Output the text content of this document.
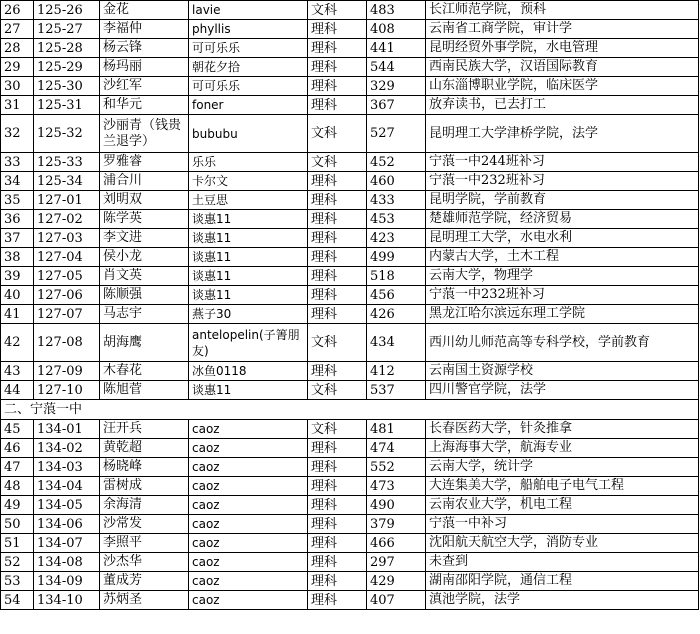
26	125-26	金花	lavie	文科	483	长江师范学院，预科
27	125-27	李福仲	phyllis	理科	408	云南省工商学院，审计学
28	125-28	杨云锋	可可乐乐	理科	441	昆明经贸外事学院，水电管理
29	125-29	杨玛丽	朝花夕拾	理科	544	西南民族大学，汉语国际教育
30	125-30	沙红军	可可乐乐	理科	329	山东淄博职业学院，临床医学
31	125-31	和华元	foner	理科	367	放弃读书，已去打工
32	125-32	沙丽青（钱贵兰退学）	bububu	文科	527	昆明理工大学津桥学院，法学
33	125-33	罗雅睿	乐乐	文科	452	宁蒗一中244班补习
34	125-34	浦合川	卡尔文	理科	460	宁蒗一中232班补习
35	127-01	刘明双	土豆思	理科	433	昆明学院，学前教育
36	127-02	陈学英	谈惠11	理科	453	楚雄师范学院，经济贸易
37	127-03	李文进	谈惠11	理科	423	昆明理工大学，水电水利
38	127-04	侯小龙	谈惠11	理科	499	内蒙古大学，土木工程
39	127-05	肖文英	谈惠11	理科	518	云南大学，物理学
40	127-06	陈顺强	谈惠11	理科	456	宁蒗一中232班补习
41	127-07	马志宇	燕子30	理科	426	黑龙江哈尔滨远东理工学院
42	127-08	胡海鹰	antelopelin(子箐朋友)	文科	434	西川幼儿师范高等专科学校，学前教育
43	127-09	木春花	冰鱼0118	理科	412	云南国土资源学校
44	127-10	陈旭菅	谈惠11	文科	537	四川警官学院，法学
二、宁蒗一中						
45	134-01	汪开兵	caoz	文科	481	长春医药大学，针灸推拿
46	134-02	黄乾超	caoz	理科	474	上海海事大学，航海专业
47	134-03	杨晓峰	caoz	理科	552	云南大学，统计学
48	134-04	雷树成	caoz	理科	473	大连集美大学，船舶电子电气工程
49	134-05	余海清	caoz	理科	490	云南农业大学，机电工程
50	134-06	沙常发	caoz	理科	379	宁蒗一中补习
51	134-07	李照平	caoz	理科	466	沈阳航天航空大学，消防专业
52	134-08	沙杰华	caoz	理科	297	未查到
53	134-09	董成芳	caoz	理科	429	湖南邵阳学院，通信工程
54	134-10	苏炳圣	caoz	理科	407	滇池学院，法学
